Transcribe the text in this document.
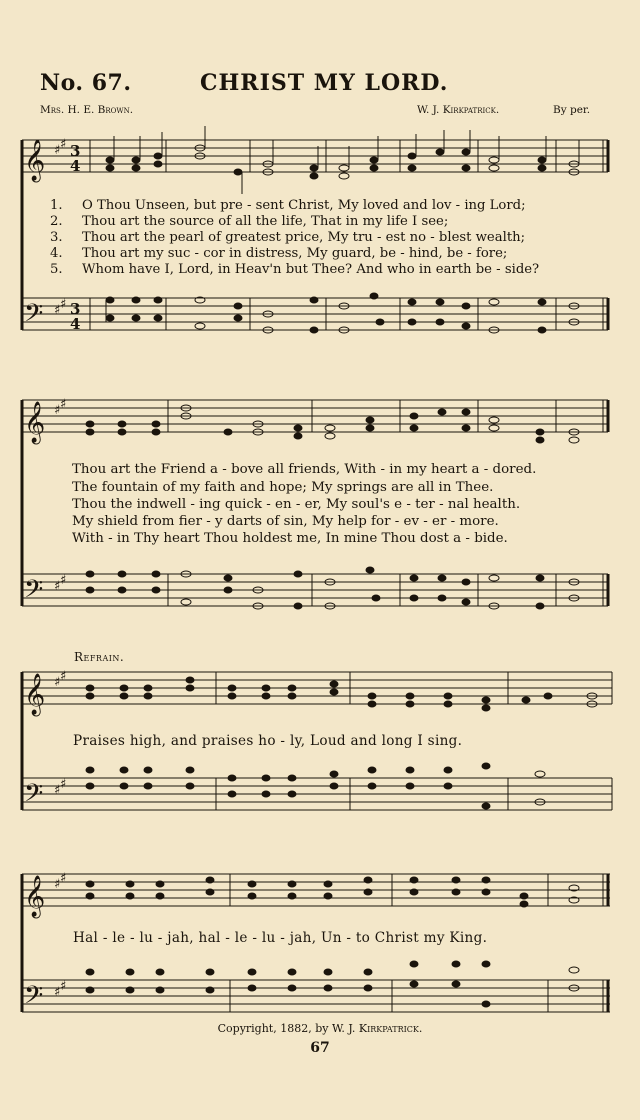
No. 67.	CHRIST MY LORD.
Mrs. H. E. Brown.	W. J. Kirkpatrick.	By per.
𝄞
𝄢
♯ ♯
♯ ♯
3
4
3
4
1. O Thou Unseen, but pre - sent Christ, My loved and lov - ing Lord;
2. Thou art the source of all the life, That in my life I see;
3. Thou art the pearl of greatest price, My tru - est no - blest wealth;
4. Thou art my suc - cor in distress, My guard, be - hind, be - fore;
5. Whom have I, Lord, in Heav'n but Thee? And who in earth be - side?
𝄞
𝄢
♯ ♯
♯ ♯
Thou art the Friend a - bove all friends, With - in my heart a - dored.
The fountain of my faith and hope; My springs are all in Thee.
Thou the indwell - ing quick - en - er, My soul's e - ter - nal health.
My shield from fier - y darts of sin, My help for - ev - er - more.
With - in Thy heart Thou holdest me, In mine Thou dost a - bide.
Refrain.
𝄞
𝄢
♯ ♯
♯ ♯
Praises high, and praises ho - ly, Loud and long I sing.
𝄞
𝄢
♯ ♯
♯ ♯
Hal - le - lu - jah, hal - le - lu - jah, Un - to Christ my King.
Copyright, 1882, by W. J. Kirkpatrick.
67
